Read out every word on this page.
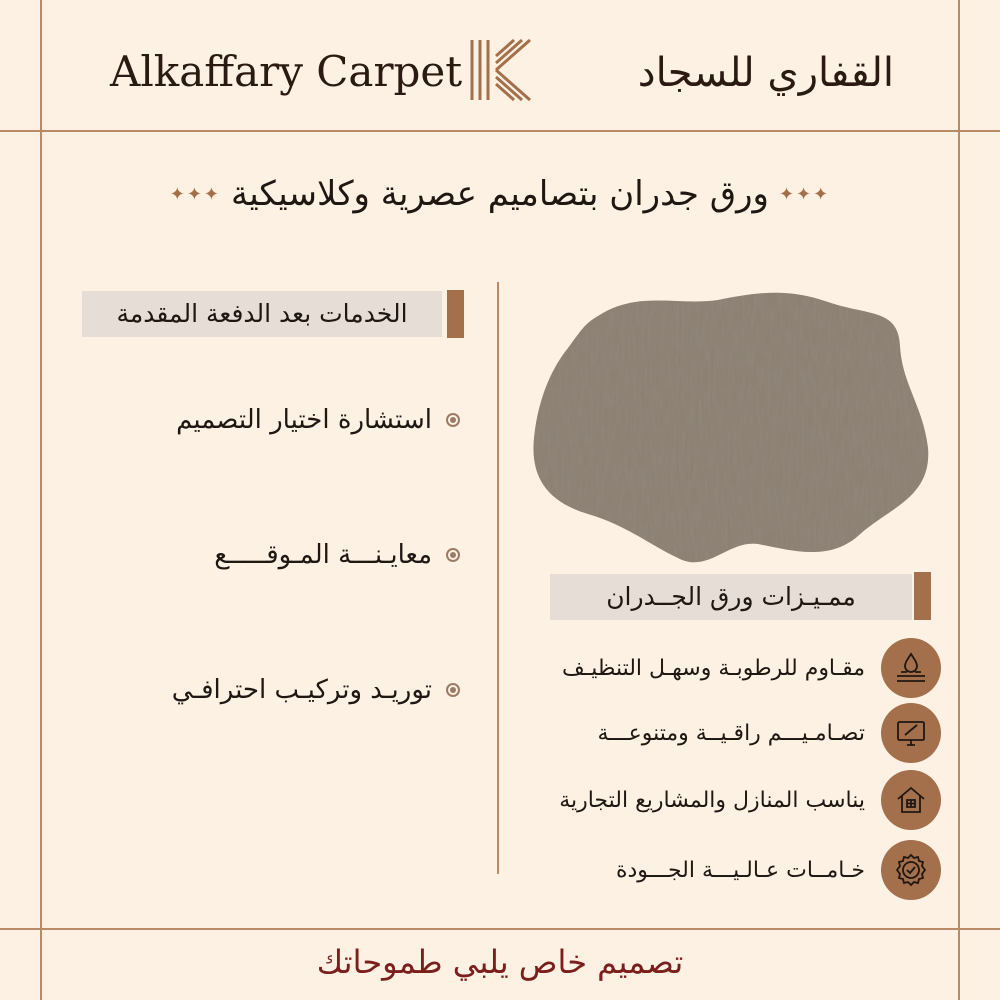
Alkaffary Carpet	القفاري للسجاد
✦✦✦ ورق جدران بتصاميم عصرية وكلاسيكية ✦✦✦
الخدمات بعد الدفعة المقدمة
استشارة اختيار التصميم
معايـنـــة المـوقـــــع
توريـد وتركيـب احترافـي
ممـيـزات ورق الجــدران
مقـاوم للرطوبـة وسهـل التنظيـف
تصـامـيـــم راقـيــة ومتنوعـــة
يناسب المنازل والمشاريع التجارية
خـامــات عـالـيـــة الجـــودة
تصميم خاص يلبي طموحاتك
